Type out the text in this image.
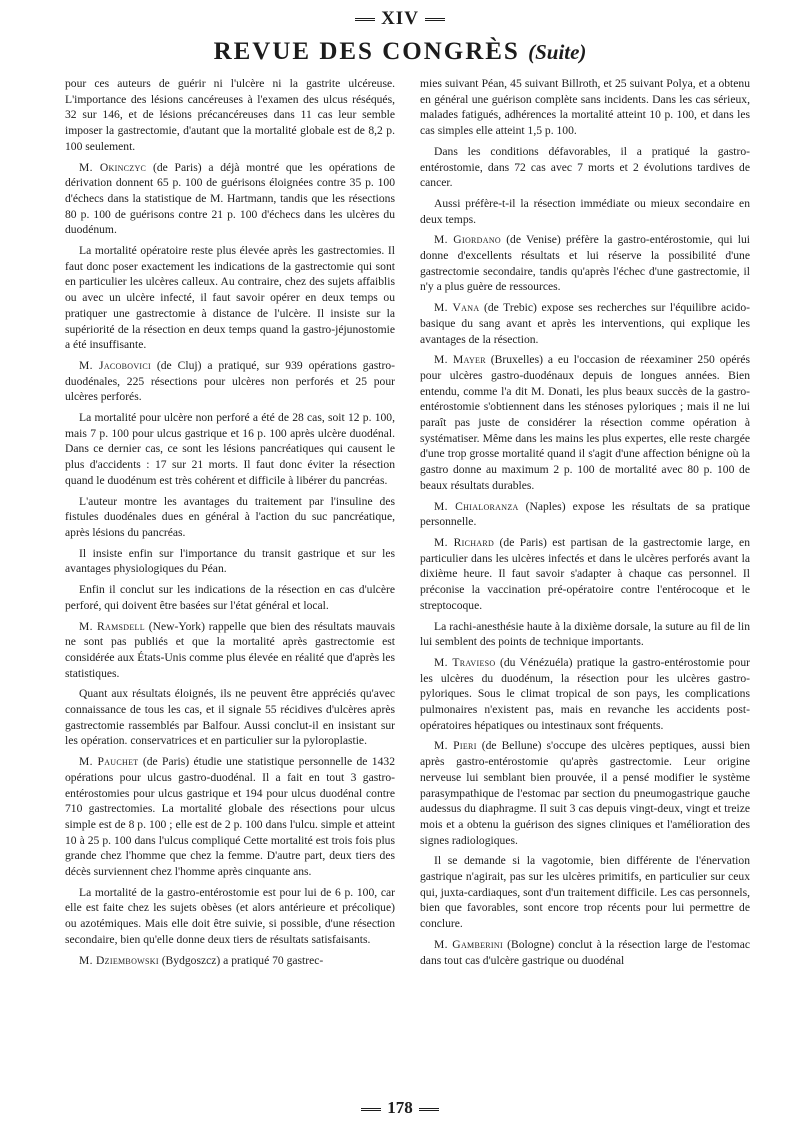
XIV
REVUE DES CONGRÈS (Suite)

pour ces auteurs de guérir ni l'ulcère ni la gastrite ulcéreuse. L'importance des lésions cancéreuses à l'examen des ulcus réséqués, 32 sur 146, et de lésions précancéreuses dans 11 cas leur semble imposer la gastrectomie, d'autant que la mortalité globale est de 8,2 p. 100 seulement.

M. Okinczyc (de Paris) a déjà montré que les opérations de dérivation donnent 65 p. 100 de guérisons éloignées contre 35 p. 100 d'échecs dans la statistique de M. Hartmann, tandis que les résections 80 p. 100 de guérisons contre 21 p. 100 d'échecs dans les ulcères du duodénum.

La mortalité opératoire reste plus élevée après les gastrectomies. Il faut donc poser exactement les indications de la gastrectomie qui sont en particulier les ulcères calleux. Au contraire, chez des sujets affaiblis ou avec un ulcère infecté, il faut savoir opérer en deux temps ou pratiquer une gastrectomie à distance de l'ulcère. Il insiste sur la supériorité de la résection en deux temps quand la gastro-jéjunostomie a été insuffisante.

M. Jacobovici (de Cluj) a pratiqué, sur 939 opérations gastro-duodénales, 225 résections pour ulcères non perforés et 25 pour ulcères perforés.

La mortalité pour ulcère non perforé a été de 28 cas, soit 12 p. 100, mais 7 p. 100 pour ulcus gastrique et 16 p. 100 après ulcère duodénal. Dans ce dernier cas, ce sont les lésions pancréatiques qui causent le plus d'accidents : 17 sur 21 morts. Il faut donc éviter la résection quand le duodénum est très cohérent et difficile à libérer du pancréas.

L'auteur montre les avantages du traitement par l'insuline des fistules duodénales dues en général à l'action du suc pancréatique, après lésions du pancréas.

Il insiste enfin sur l'importance du transit gastrique et sur les avantages physiologiques du Péan.

Enfin il conclut sur les indications de la résection en cas d'ulcère perforé, qui doivent être basées sur l'état général et local.

M. Ramsdell (New-York) rappelle que bien des résultats mauvais ne sont pas publiés et que la mortalité après gastrectomie est considérée aux États-Unis comme plus élevée en réalité que d'après les statistiques.

Quant aux résultats éloignés, ils ne peuvent être appréciés qu'avec connaissance de tous les cas, et il signale 55 récidives d'ulcères après gastrectomie rassemblés par Balfour. Aussi conclut-il en insistant sur les opération. conservatrices et en particulier sur la pyloroplastie.

M. Pauchet (de Paris) étudie une statistique personnelle de 1432 opérations pour ulcus gastro-duodénal. Il a fait en tout 3 gastro-entérostomies pour ulcus gastrique et 194 pour ulcus duodénal contre 710 gastrectomies. La mortalité globale des résections pour ulcus simple est de 8 p. 100 ; elle est de 2 p. 100 dans l'ulcu. simple et atteint 10 à 25 p. 100 dans l'ulcus compliqué Cette mortalité est trois fois plus grande chez l'homme que chez la femme. D'autre part, deux tiers des décès surviennent chez l'homme après cinquante ans.

La mortalité de la gastro-entérostomie est pour lui de 6 p. 100, car elle est faite chez les sujets obèses (et alors antérieure et précolique) ou azotémiques. Mais elle doit être suivie, si possible, d'une résection secondaire, bien qu'elle donne deux tiers de résultats satisfaisants.

M. Dziembowski (Bydgoszcz) a pratiqué 70 gastrec-

mies suivant Péan, 45 suivant Billroth, et 25 suivant Polya, et a obtenu en général une guérison complète sans incidents. Dans les cas sérieux, malades fatigués, adhérences la mortalité atteint 10 p. 100, et dans les cas simples elle atteint 1,5 p. 100.

Dans les conditions défavorables, il a pratiqué la gastro-entérostomie, dans 72 cas avec 7 morts et 2 évolutions tardives de cancer.

Aussi préfère-t-il la résection immédiate ou mieux secondaire en deux temps.

M. Giordano (de Venise) préfère la gastro-entérostomie, qui lui donne d'excellents résultats et lui réserve la possibilité d'une gastrectomie secondaire, tandis qu'après l'échec d'une gastrectomie, il n'y a plus guère de ressources.

M. Vana (de Trebic) expose ses recherches sur l'équilibre acido-basique du sang avant et après les interventions, qui explique les avantages de la résection.

M. Mayer (Bruxelles) a eu l'occasion de réexaminer 250 opérés pour ulcères gastro-duodénaux depuis de longues années. Bien entendu, comme l'a dit M. Donati, les plus beaux succès de la gastro-entérostomie s'obtiennent dans les sténoses pyloriques ; mais il ne lui paraît pas juste de considérer la résection comme opération à systématiser. Même dans les mains les plus expertes, elle reste chargée d'une trop grosse mortalité quand il s'agit d'une affection bénigne où la gastro donne au maximum 2 p. 100 de mortalité avec 80 p. 100 de beaux résultats durables.

M. Chialoranza (Naples) expose les résultats de sa pratique personnelle.

M. Richard (de Paris) est partisan de la gastrectomie large, en particulier dans les ulcères infectés et dans le ulcères perforés avant la dixième heure. Il faut savoir s'adapter à chaque cas personnel. Il préconise la vaccination pré-opératoire contre l'entérocoque et le streptocoque.

La rachi-anesthésie haute à la dixième dorsale, la suture au fil de lin lui semblent des points de technique importants.

M. Travieso (du Vénézuéla) pratique la gastro-entérostomie pour les ulcères du duodénum, la résection pour les ulcères gastro-pyloriques. Sous le climat tropical de son pays, les complications pulmonaires n'existent pas, mais en revanche les accidents post-opératoires hépatiques ou intestinaux sont fréquents.

M. Pieri (de Bellune) s'occupe des ulcères peptiques, aussi bien après gastro-entérostomie qu'après gastrectomie. Leur origine nerveuse lui semblant bien prouvée, il a pensé modifier le système parasympathique de l'estomac par section du pneumogastrique gauche audessus du diaphragme. Il suit 3 cas depuis vingt-deux, vingt et treize mois et a obtenu la guérison des signes cliniques et l'amélioration des signes radiologiques.

Il se demande si la vagotomie, bien différente de l'énervation gastrique n'agirait, pas sur les ulcères primitifs, en particulier sur ceux qui, juxta-cardiaques, sont d'un traitement difficile. Les cas personnels, bien que favorables, sont encore trop récents pour lui permettre de conclure.

M. Gamberini (Bologne) conclut à la résection large de l'estomac dans tout cas d'ulcère gastrique ou duodénal

178
